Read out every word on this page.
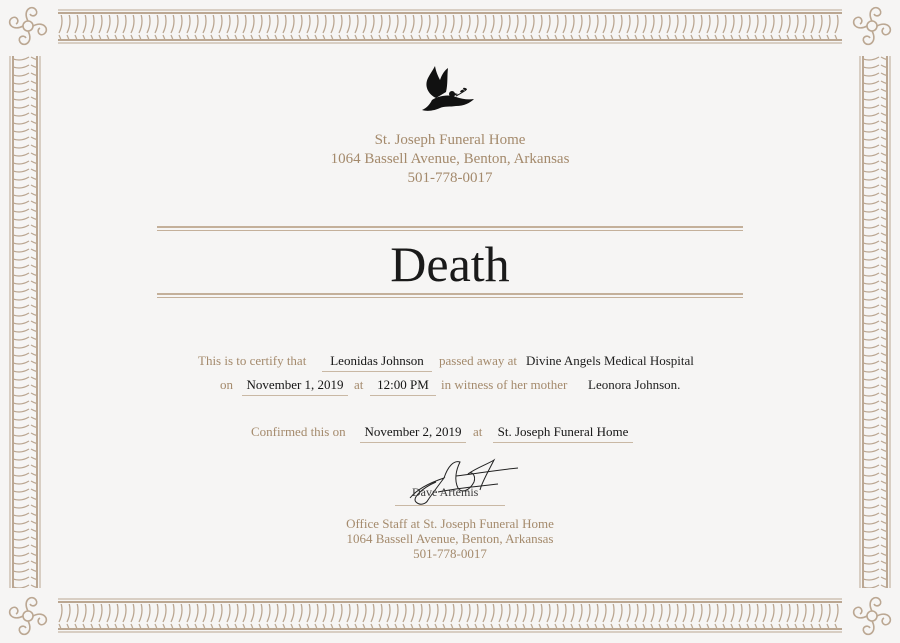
St. Joseph Funeral Home
1064 Bassell Avenue, Benton, Arkansas
501-778-0017
Death
This is to certify that	Leonidas Johnson	passed away at Divine Angels Medical Hospital
on	November 1, 2019 at	12:00 PM in witness of her mother Leonora Johnson.
Confirmed this on	November 2, 2019 at	St. Joseph Funeral Home
Dave Artemis
Office Staff at St. Joseph Funeral Home
1064 Bassell Avenue, Benton, Arkansas
501-778-0017
